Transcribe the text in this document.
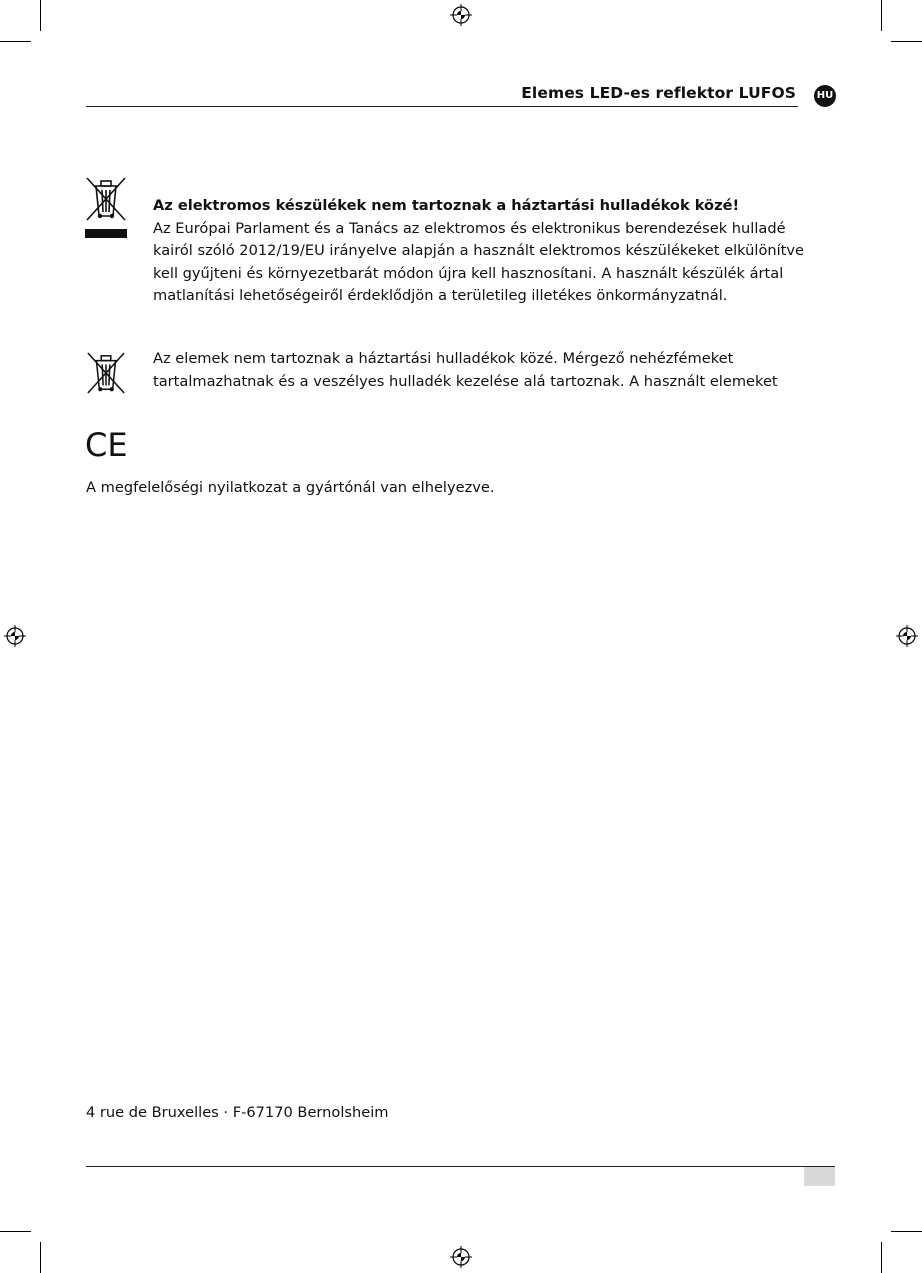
Elemes LED-es reflektor LUFOS HU
Az elektromos készülékek nem tartoznak a háztartási hulladékok közé!
Az Európai Parlament és a Tanács az elektromos és elektronikus berendezések hulladé
kairól szóló 2012/19/EU irányelve alapján a használt elektromos készülékeket elkülönítve
kell gyűjteni és környezetbarát módon újra kell hasznosítani. A használt készülék ártal
matlanítási lehetőségeiről érdeklődjön a területileg illetékes önkormányzatnál.
Az elemek nem tartoznak a háztartási hulladékok közé. Mérgező nehézfémeket
tartalmazhatnak és a veszélyes hulladék kezelése alá tartoznak. A használt elemeket
CE
A megfelelőségi nyilatkozat a gyártónál van elhelyezve.
4 rue de Bruxelles · F-67170 Bernolsheim
